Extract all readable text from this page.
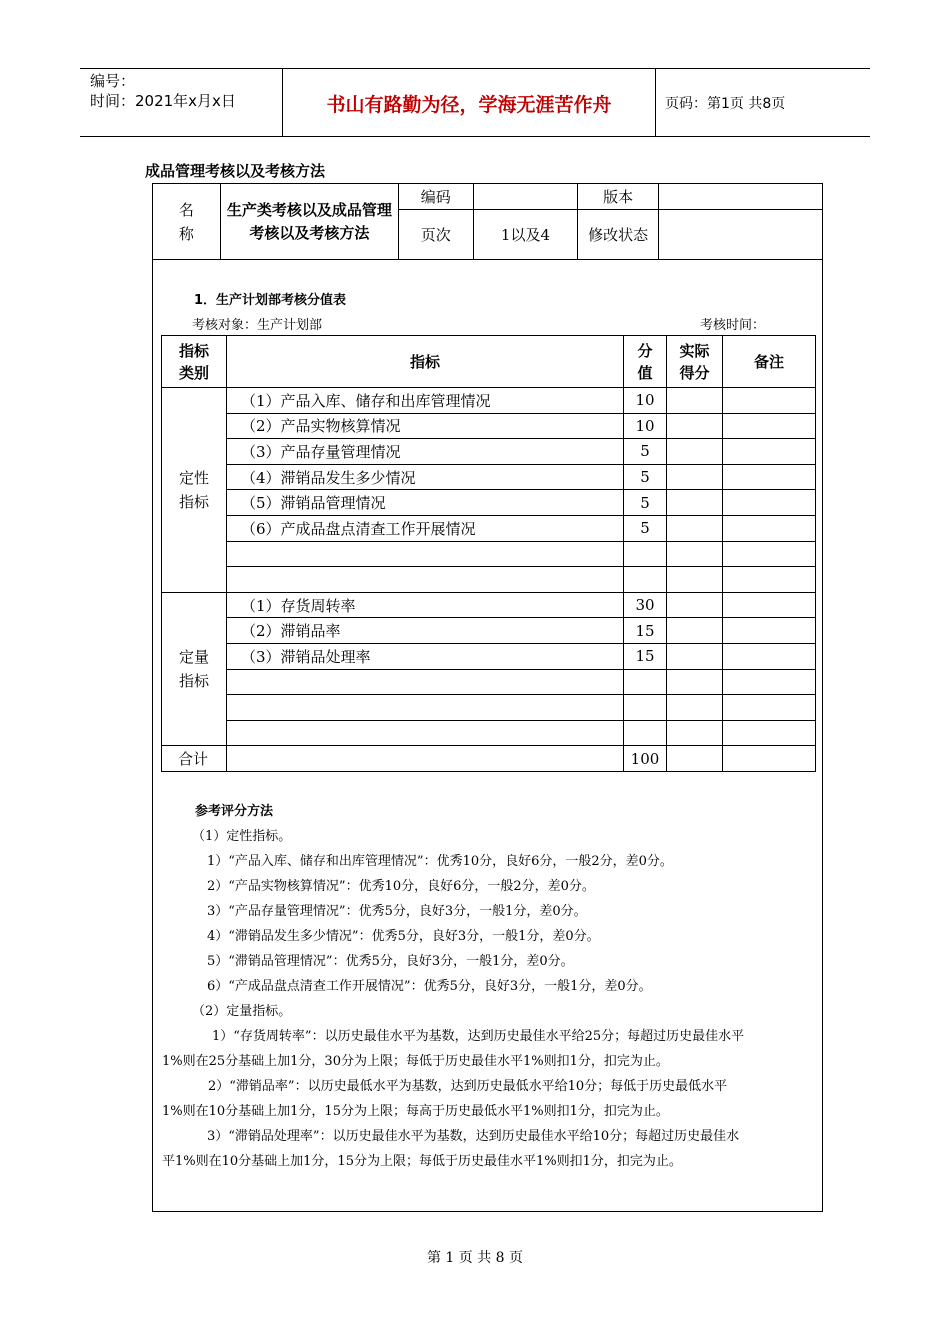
编号：
时间：2021年x月x日	书山有路勤为径，学海无涯苦作舟	页码：第1页 共8页
成品管理考核以及考核方法
名称	生产类考核以及成品管理考核以及考核方法	编码		版本	
		页次	1以及4	修改状态	
1．生产计划部考核分值表
考核对象：生产计划部	考核时间：
指标类别	指标	分值	实际得分	备注
定性指标	（1）产品入库、储存和出库管理情况	10		
	（2）产品实物核算情况	10		
	（3）产品存量管理情况	5		
	（4）滞销品发生多少情况	5		
	（5）滞销品管理情况	5		
	（6）产成品盘点清查工作开展情况	5		

定量指标	（1）存货周转率	30		
	（2）滞销品率	15		
	（3）滞销品处理率	15		

合计		100		
参考评分方法
（1）定性指标。
1）“产品入库、储存和出库管理情况”：优秀10分，良好6分，一般2分，差0分。
2）“产品实物核算情况”：优秀10分，良好6分，一般2分，差0分。
3）“产品存量管理情况”：优秀5分，良好3分，一般1分，差0分。
4）“滞销品发生多少情况”：优秀5分，良好3分，一般1分，差0分。
5）“滞销品管理情况”：优秀5分，良好3分，一般1分，差0分。
6）“产成品盘点清查工作开展情况”：优秀5分，良好3分，一般1分，差0分。
（2）定量指标。
1）“存货周转率”：以历史最佳水平为基数，达到历史最佳水平给25分；每超过历史最佳水平
1%则在25分基础上加1分，30分为上限；每低于历史最佳水平1%则扣1分，扣完为止。
2）“滞销品率”：以历史最低水平为基数，达到历史最低水平给10分；每低于历史最低水平
1%则在10分基础上加1分，15分为上限；每高于历史最低水平1%则扣1分，扣完为止。
3）“滞销品处理率”：以历史最佳水平为基数，达到历史最佳水平给10分；每超过历史最佳水
平1%则在10分基础上加1分，15分为上限；每低于历史最佳水平1%则扣1分，扣完为止。
第 1 页 共 8 页
